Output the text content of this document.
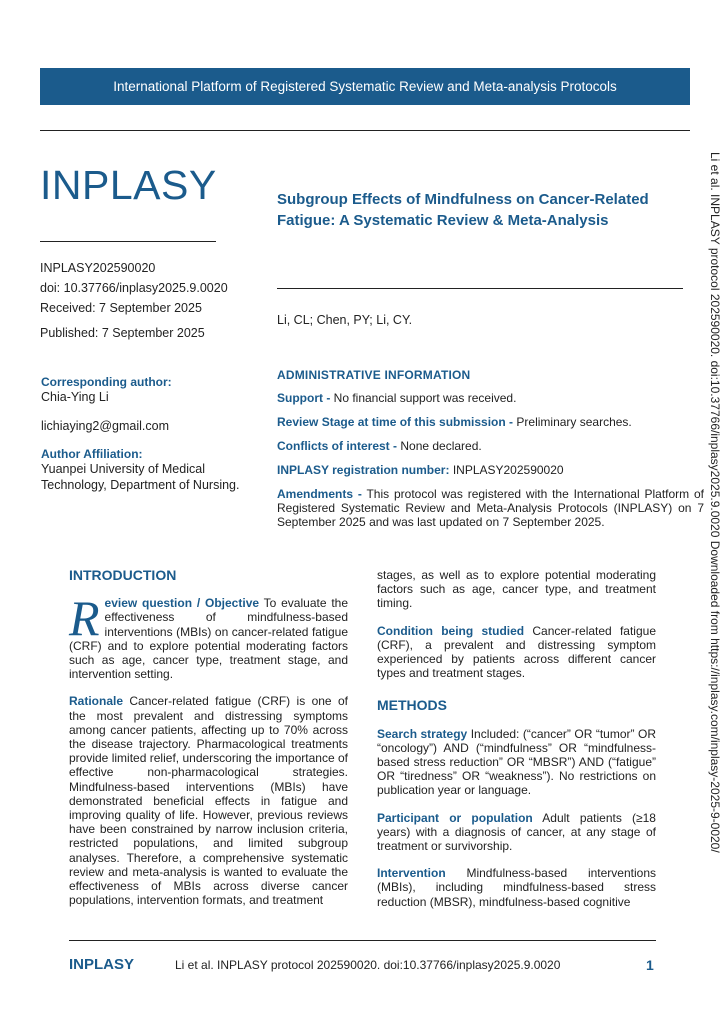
International Platform of Registered Systematic Review and Meta-analysis Protocols
INPLASY
INPLASY202590020
doi: 10.37766/inplasy2025.9.0020
Received: 7 September 2025
Published: 7 September 2025
Subgroup Effects of Mindfulness on Cancer-Related Fatigue: A Systematic Review & Meta-Analysis
Li, CL; Chen, PY; Li, CY.
Corresponding author:
Chia-Ying Li
lichiaying2@gmail.com
Author Affiliation:
Yuanpei University of Medical Technology, Department of Nursing.
ADMINISTRATIVE INFORMATION
Support - No financial support was received.
Review Stage at time of this submission - Preliminary searches.
Conflicts of interest - None declared.
INPLASY registration number: INPLASY202590020
Amendments - This protocol was registered with the International Platform of Registered Systematic Review and Meta-Analysis Protocols (INPLASY) on 7 September 2025 and was last updated on 7 September 2025.
INTRODUCTION

Review question / Objective To evaluate the effectiveness of mindfulness-based interventions (MBIs) on cancer-related fatigue (CRF) and to explore potential moderating factors such as age, cancer type, treatment stage, and intervention setting.

Rationale Cancer-related fatigue (CRF) is one of the most prevalent and distressing symptoms among cancer patients, affecting up to 70% across the disease trajectory. Pharmacological treatments provide limited relief, underscoring the importance of effective non-pharmacological strategies. Mindfulness-based interventions (MBIs) have demonstrated beneficial effects in fatigue and improving quality of life. However, previous reviews have been constrained by narrow inclusion criteria, restricted populations, and limited subgroup analyses. Therefore, a comprehensive systematic review and meta-analysis is wanted to evaluate the effectiveness of MBIs across diverse cancer populations, intervention formats, and treatment

stages, as well as to explore potential moderating factors such as age, cancer type, and treatment timing.

Condition being studied Cancer-related fatigue (CRF), a prevalent and distressing symptom experienced by patients across different cancer types and treatment stages.

METHODS

Search strategy Included: (“cancer” OR “tumor” OR “oncology”) AND (“mindfulness” OR “mindfulness-based stress reduction” OR “MBSR”) AND (“fatigue” OR “tiredness” OR “weakness”). No restrictions on publication year or language.

Participant or population Adult patients (≥18 years) with a diagnosis of cancer, at any stage of treatment or survivorship.

Intervention Mindfulness-based interventions (MBIs), including mindfulness-based stress reduction (MBSR), mindfulness-based cognitive

Li et al. INPLASY protocol 202590020. doi:10.37766/inplasy2025.9.0020 Downloaded from https://inplasy.com/inplasy-2025-9-0020/
INPLASY	Li et al. INPLASY protocol 202590020. doi:10.37766/inplasy2025.9.0020	1
